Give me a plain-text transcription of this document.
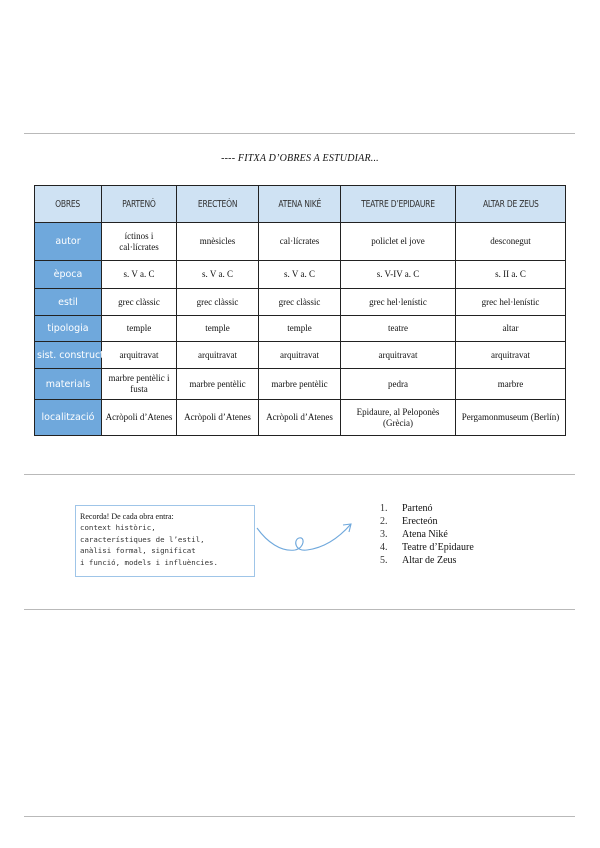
---- FITXA D’OBRES A ESTUDIAR...
OBRES	PARTENÓ	ERECTEÓN	ATENA NIKÉ	TEATRE D’EPIDAURE	ALTAR DE ZEUS
autor	íctinos i cal·lícrates	mnèsicles	cal·lícrates	policlet el jove	desconegut
època	s. V a. C	s. V a. C	s. V a. C	s. V-IV a. C	s. II a. C
estil	grec clàssic	grec clàssic	grec clàssic	grec hel·lenístic	grec hel·lenístic
tipologia	temple	temple	temple	teatre	altar
sist. constructiu	arquitravat	arquitravat	arquitravat	arquitravat	arquitravat
materials	marbre pentèlic i fusta	marbre pentèlic	marbre pentèlic	pedra	marbre
localització	Acròpoli d’Atenes	Acròpoli d’Atenes	Acròpoli d’Atenes	Epidaure, al Peloponès (Grècia)	Pergamonmuseum (Berlín)
Recorda! De cada obra entra:
context històric,
característiques de l’estil,
anàlisi formal, significat
i funció, models i influències.
1. Partenó
2. Erecteón
3. Atena Niké
4. Teatre d’Epidaure
5. Altar de Zeus
